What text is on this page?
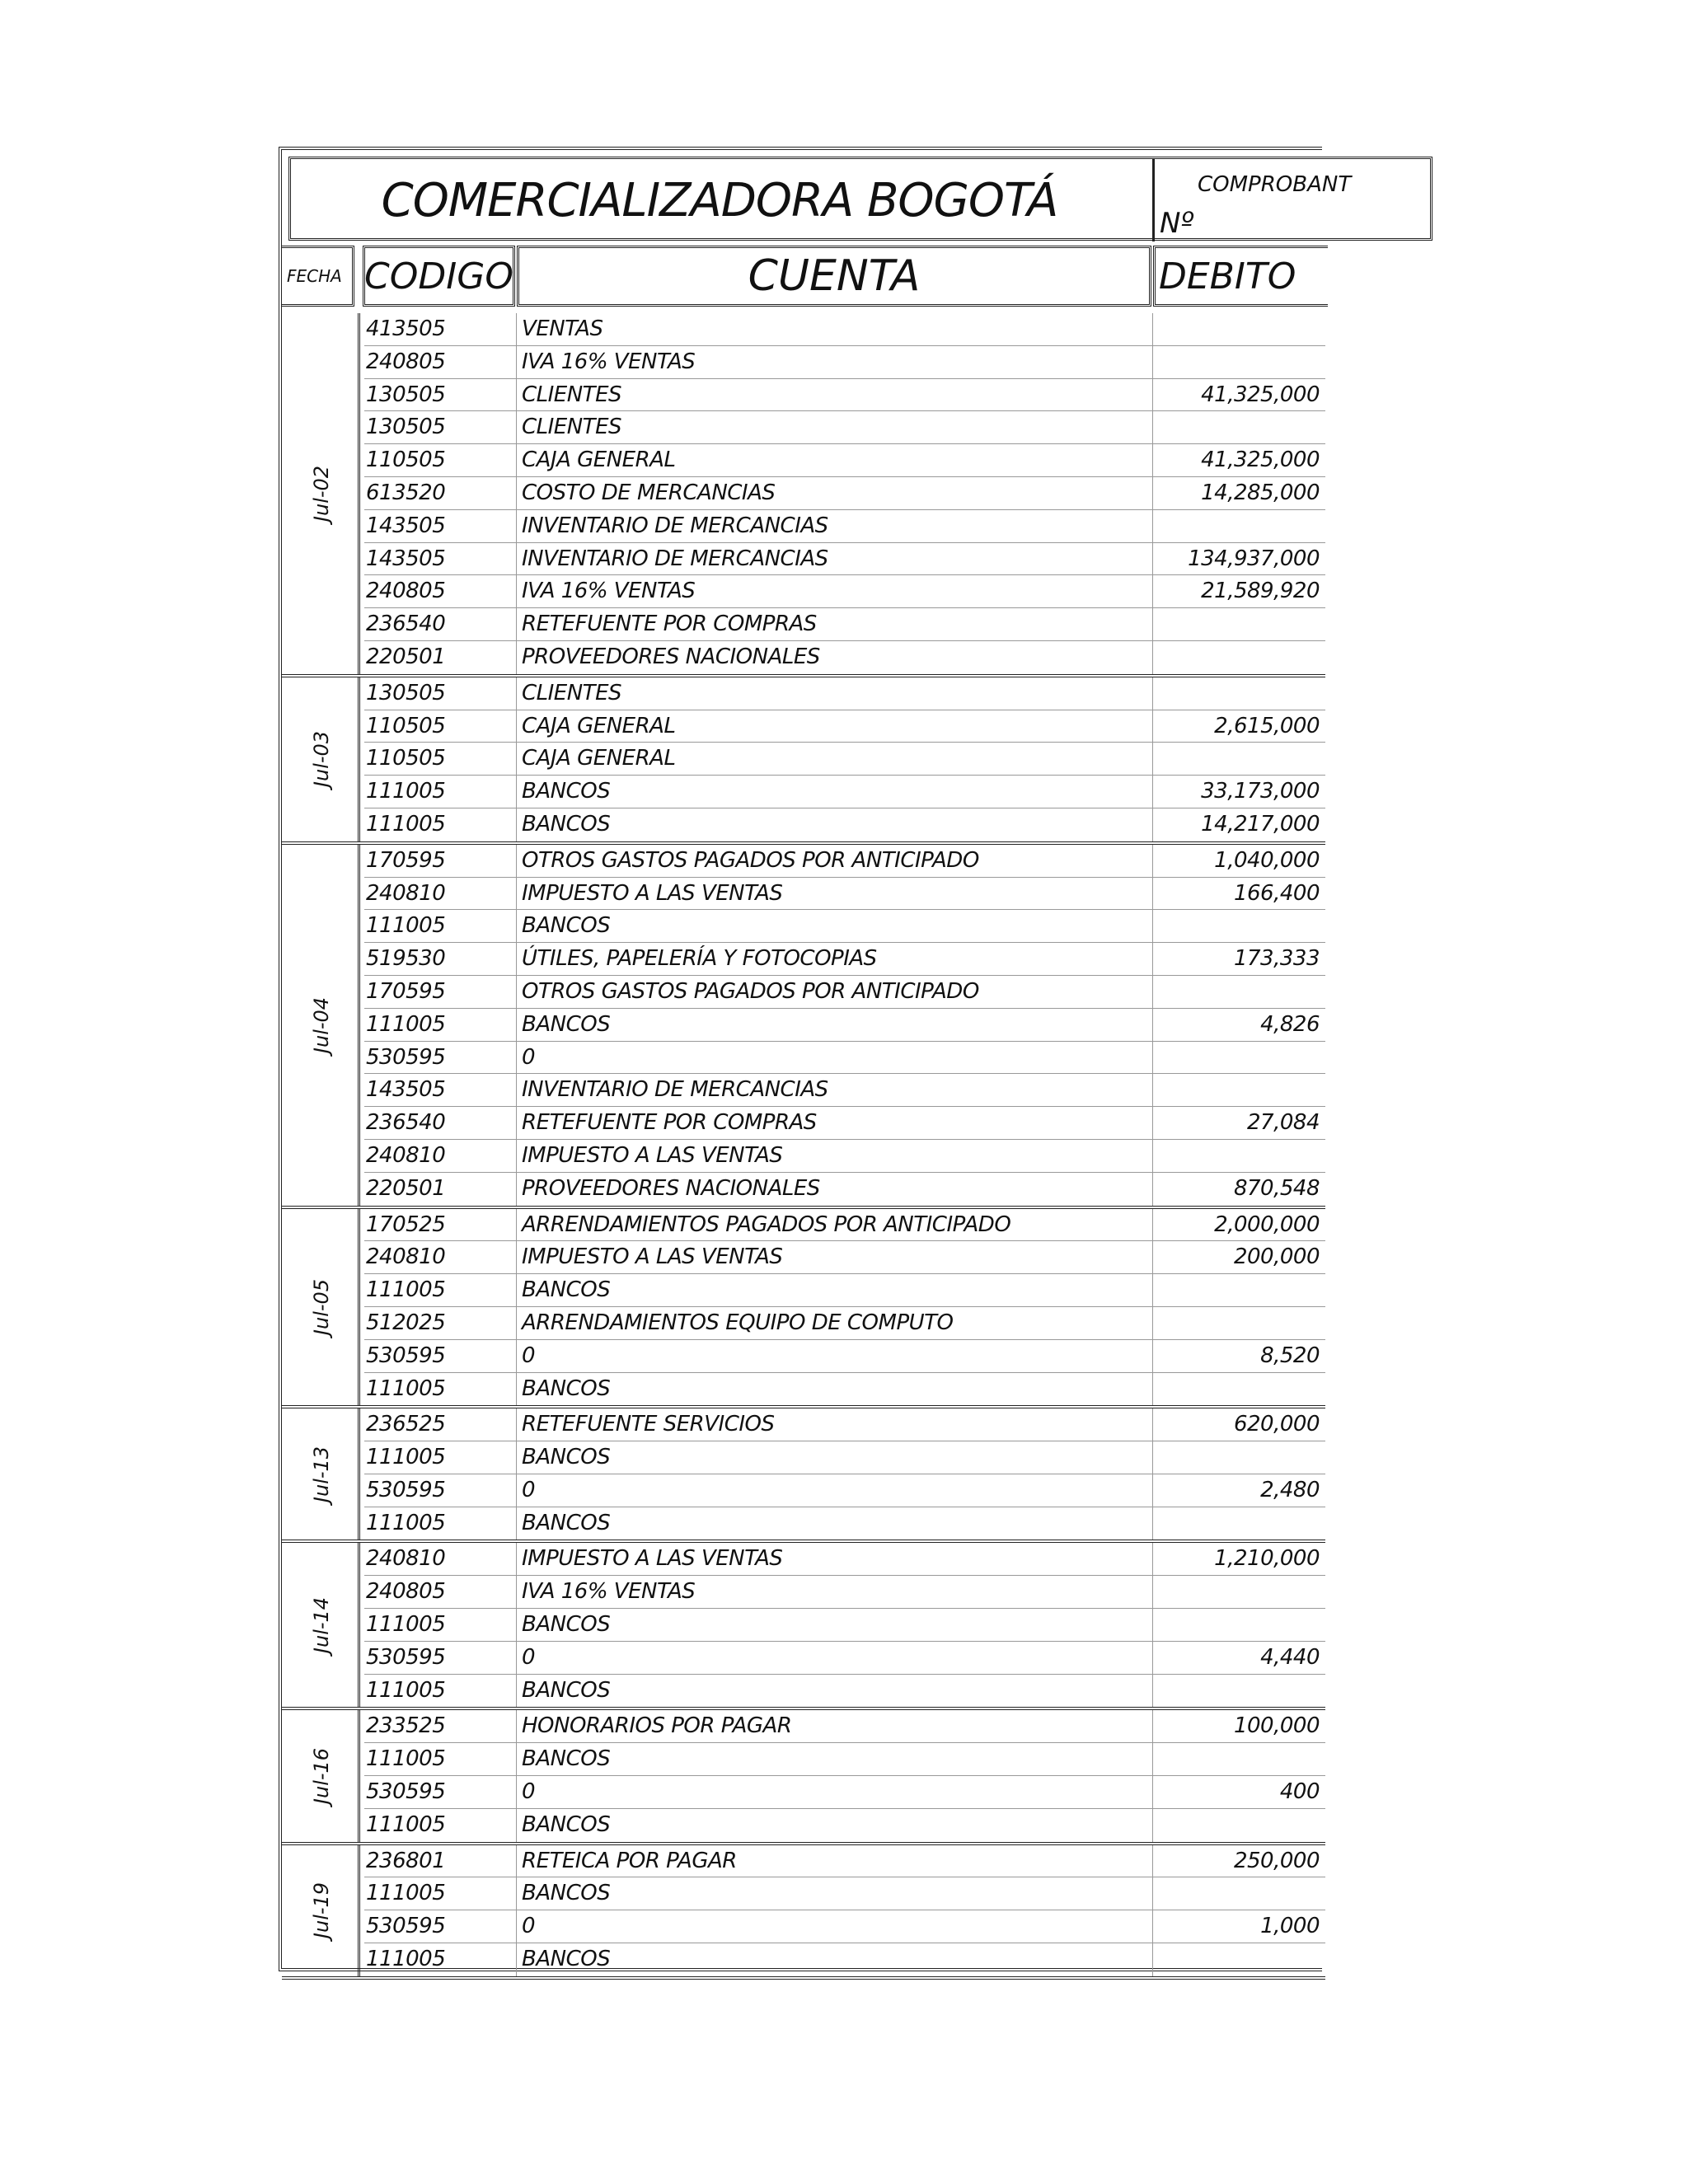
COMERCIALIZADORA BOGOTÁ	COMPROBANT
Nº
FECHA CODIGO	CUENTA	DEBITO
Jul-02
413505	VENTAS
240805	IVA 16% VENTAS
130505	CLIENTES	41,325,000
130505	CLIENTES
110505	CAJA GENERAL	41,325,000
613520	COSTO DE MERCANCIAS	14,285,000
143505	INVENTARIO DE MERCANCIAS
143505	INVENTARIO DE MERCANCIAS	134,937,000
240805	IVA 16% VENTAS	21,589,920
236540	RETEFUENTE POR COMPRAS
220501	PROVEEDORES NACIONALES
Jul-03
130505	CLIENTES
110505	CAJA GENERAL	2,615,000
110505	CAJA GENERAL
111005	BANCOS	33,173,000
111005	BANCOS	14,217,000
Jul-04
170595	OTROS GASTOS PAGADOS POR ANTICIPADO	1,040,000
240810	IMPUESTO A LAS VENTAS	166,400
111005	BANCOS
519530	ÚTILES, PAPELERÍA Y FOTOCOPIAS	173,333
170595	OTROS GASTOS PAGADOS POR ANTICIPADO
111005	BANCOS	4,826
530595	0
143505	INVENTARIO DE MERCANCIAS
236540	RETEFUENTE POR COMPRAS	27,084
240810	IMPUESTO A LAS VENTAS
220501	PROVEEDORES NACIONALES	870,548
Jul-05
170525	ARRENDAMIENTOS PAGADOS POR ANTICIPADO	2,000,000
240810	IMPUESTO A LAS VENTAS	200,000
111005	BANCOS
512025	ARRENDAMIENTOS EQUIPO DE COMPUTO
530595	0	8,520
111005	BANCOS
Jul-13
236525	RETEFUENTE SERVICIOS	620,000
111005	BANCOS
530595	0	2,480
111005	BANCOS
Jul-14
240810	IMPUESTO A LAS VENTAS	1,210,000
240805	IVA 16% VENTAS
111005	BANCOS
530595	0	4,440
111005	BANCOS
Jul-16
233525	HONORARIOS POR PAGAR	100,000
111005	BANCOS
530595	0	400
111005	BANCOS
Jul-19
236801	RETEICA POR PAGAR	250,000
111005	BANCOS
530595	0	1,000
111005	BANCOS
